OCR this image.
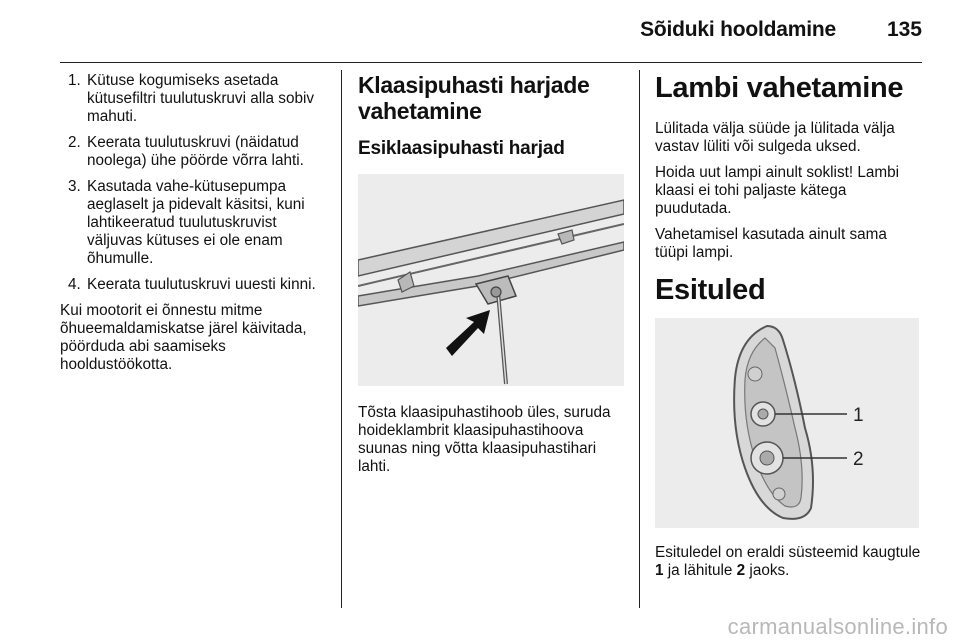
Sõiduki hooldamine 135
1. Kütuse kogumiseks asetada kütusefiltri tuulutuskruvi alla sobiv mahuti.
2. Keerata tuulutuskruvi (näidatud noolega) ühe pöörde võrra lahti.
3. Kasutada vahe-kütusepumpa aeglaselt ja pidevalt käsitsi, kuni lahtikeeratud tuulutuskruvist väljuvas kütuses ei ole enam õhumulle.
4. Keerata tuulutuskruvi uuesti kinni.

Kui mootorit ei õnnestu mitme õhueemaldamiskatse järel käivitada, pöörduda abi saamiseks hooldustöökotta.

Klaasipuhasti harjade vahetamine
Esiklaasipuhasti harjad

Tõsta klaasipuhastihoob üles, suruda hoideklambrit klaasipuhastihoova suunas ning võtta klaasipuhastihari lahti.

Lambi vahetamine

Lülitada välja süüde ja lülitada välja vastav lüliti või sulgeda uksed.

Hoida uut lampi ainult soklist! Lambi klaasi ei tohi paljaste kätega puudutada.

Vahetamisel kasutada ainult sama tüüpi lampi.

Esituled
1
2

Esituledel on eraldi süsteemid kaugtule 1 ja lähitule 2 jaoks.

carmanualsonline.info
